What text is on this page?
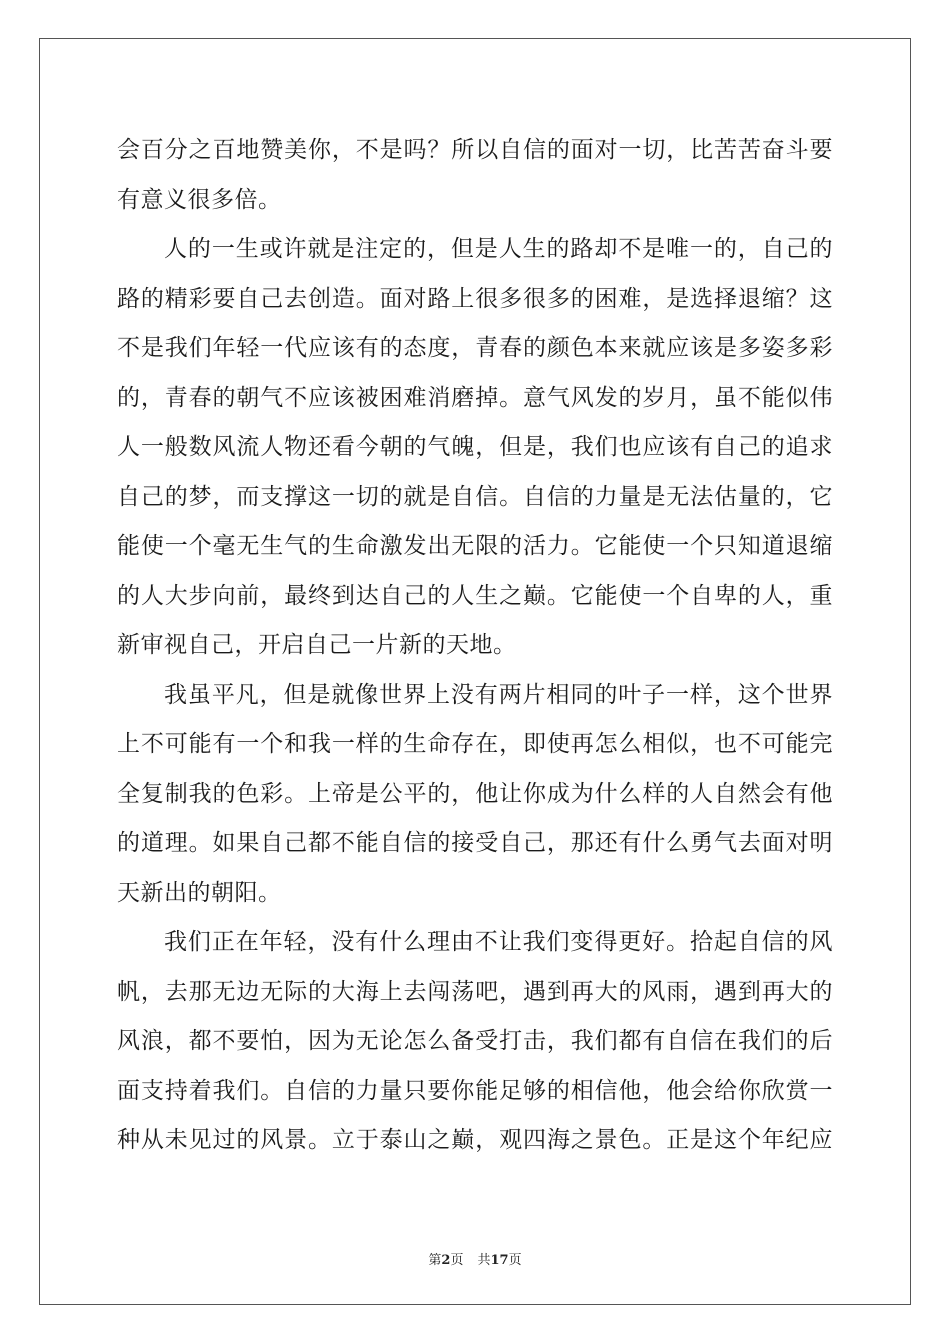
会百分之百地赞美你，不是吗？所以自信的面对一切，比苦苦奋斗要
有意义很多倍。
人的一生或许就是注定的，但是人生的路却不是唯一的，自己的
路的精彩要自己去创造。面对路上很多很多的困难，是选择退缩？这
不是我们年轻一代应该有的态度，青春的颜色本来就应该是多姿多彩
的，青春的朝气不应该被困难消磨掉。意气风发的岁月，虽不能似伟
人一般数风流人物还看今朝的气魄，但是，我们也应该有自己的追求
自己的梦，而支撑这一切的就是自信。自信的力量是无法估量的，它
能使一个毫无生气的生命激发出无限的活力。它能使一个只知道退缩
的人大步向前，最终到达自己的人生之巅。它能使一个自卑的人，重
新审视自己，开启自己一片新的天地。
我虽平凡，但是就像世界上没有两片相同的叶子一样，这个世界
上不可能有一个和我一样的生命存在，即使再怎么相似，也不可能完
全复制我的色彩。上帝是公平的，他让你成为什么样的人自然会有他
的道理。如果自己都不能自信的接受自己，那还有什么勇气去面对明
天新出的朝阳。
我们正在年轻，没有什么理由不让我们变得更好。拾起自信的风
帆，去那无边无际的大海上去闯荡吧，遇到再大的风雨，遇到再大的
风浪，都不要怕，因为无论怎么备受打击，我们都有自信在我们的后
面支持着我们。自信的力量只要你能足够的相信他，他会给你欣赏一
种从未见过的风景。立于泰山之巅，观四海之景色。正是这个年纪应
第2页 共17页
